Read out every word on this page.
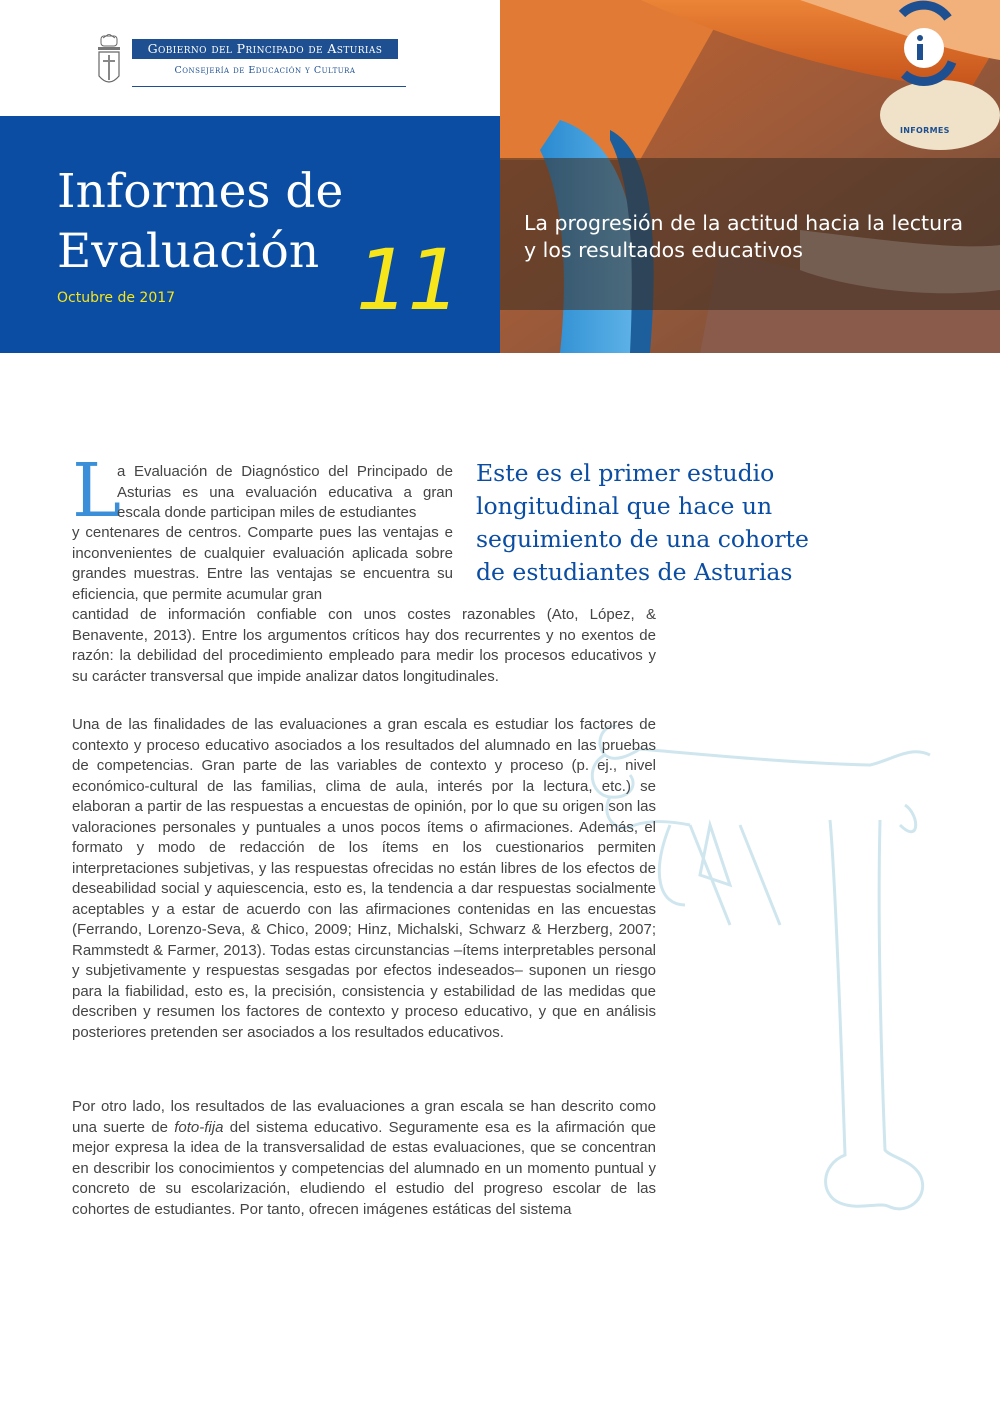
Gobierno del Principado de Asturias
Consejería de Educación y Cultura
Informes de
Evaluación 11
Octubre de 2017
INFORMES
La progresión de la actitud hacia la lectura y los resultados educativos
L

a Evaluación de Diagnóstico del Principado de Asturias es una evaluación educativa a gran escala donde participan miles de estudiantes

y centenares de centros. Comparte pues las ventajas e inconvenientes de cualquier evaluación aplicada sobre grandes muestras. Entre las ventajas se encuentra su eficiencia, que permite acumular gran

cantidad de información confiable con unos costes razonables (Ato, López, & Benavente, 2013). Entre los argumentos críticos hay dos recurrentes y no exentos de razón: la debilidad del procedimiento empleado para medir los procesos educativos y su carácter transversal que impide analizar datos longitudinales.

Este es el primer estudio longitudinal que hace un seguimiento de una cohorte de estudiantes de Asturias

Una de las finalidades de las evaluaciones a gran escala es estudiar los factores de contexto y proceso educativo asociados a los resultados del alumnado en las pruebas de competencias. Gran parte de las variables de contexto y proceso (p. ej., nivel económico-cultural de las familias, clima de aula, interés por la lectura, etc.) se elaboran a partir de las respuestas a encuestas de opinión, por lo que su origen son las valoraciones personales y puntuales a unos pocos ítems o afirmaciones. Además, el formato y modo de redacción de los ítems en los cuestionarios permiten interpretaciones subjetivas, y las respuestas ofrecidas no están libres de los efectos de deseabilidad social y aquiescencia, esto es, la tendencia a dar respuestas socialmente aceptables y a estar de acuerdo con las afirmaciones contenidas en las encuestas (Ferrando, Lorenzo-Seva, & Chico, 2009; Hinz, Michalski, Schwarz & Herzberg, 2007; Rammstedt & Farmer, 2013). Todas estas circunstancias –ítems interpretables personal y subjetivamente y respuestas sesgadas por efectos indeseados– suponen un riesgo para la fiabilidad, esto es, la precisión, consistencia y estabilidad de las medidas que describen y resumen los factores de contexto y proceso educativo, y que en análisis posteriores pretenden ser asociados a los resultados educativos.

Por otro lado, los resultados de las evaluaciones a gran escala se han descrito como una suerte de foto-fija del sistema educativo. Seguramente esa es la afirmación que mejor expresa la idea de la transversalidad de estas evaluaciones, que se concentran en describir los conocimientos y competencias del alumnado en un momento puntual y concreto de su escolarización, eludiendo el estudio del progreso escolar de las cohortes de estudiantes. Por tanto, ofrecen imágenes estáticas del sistema
